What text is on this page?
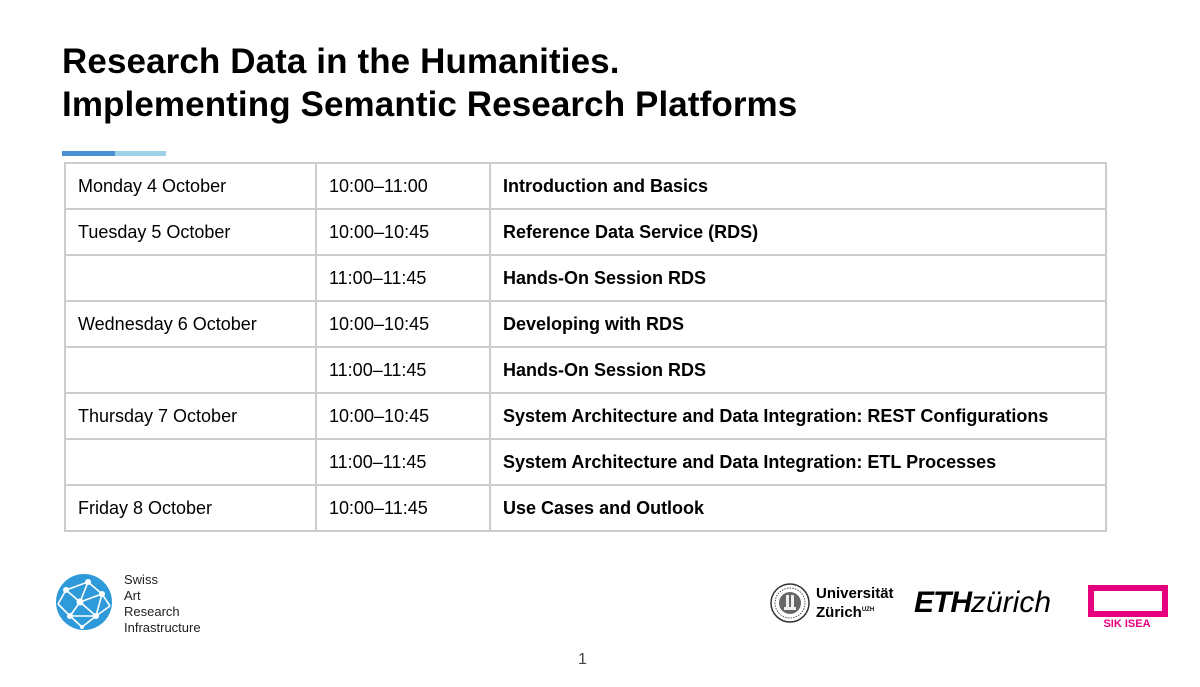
Research Data in the Humanities.
Implementing Semantic Research Platforms
Monday 4 October	10:00–11:00	Introduction and Basics
Tuesday 5 October	10:00–10:45	Reference Data Service (RDS)
	11:00–11:45	Hands-On Session RDS
Wednesday 6 October	10:00–10:45	Developing with RDS
	11:00–11:45	Hands-On Session RDS
Thursday 7 October	10:00–10:45	System Architecture and Data Integration: REST Configurations
	11:00–11:45	System Architecture and Data Integration: ETL Processes
Friday 8 October	10:00–11:45	Use Cases and Outlook
Swiss
Art
Research
Infrastructure
Universität
Zürich$^{UZH}$	ETHzürich
SIK ISEA
1
